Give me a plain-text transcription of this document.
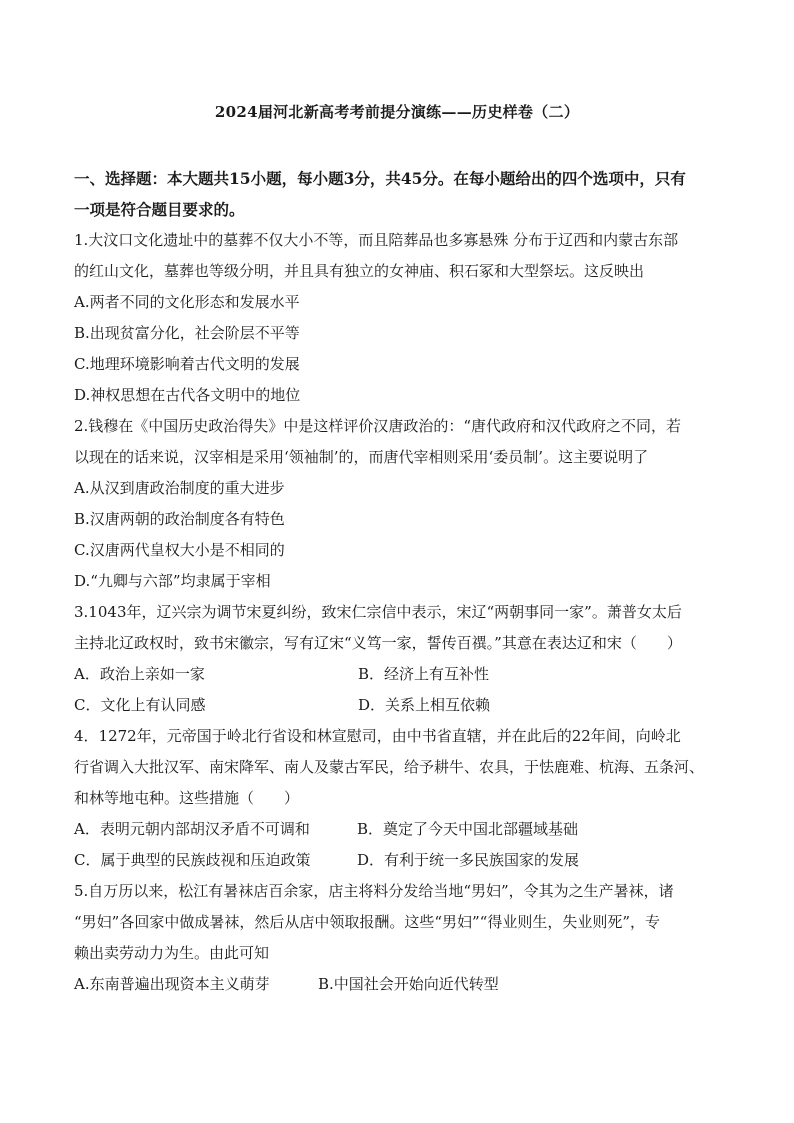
2024届河北新高考考前提分演练——历史样卷（二）
一、选择题：本大题共15小题，每小题3分，共45分。在每小题给出的四个选项中，只有
一项是符合题目要求的。
1.大汶口文化遗址中的墓葬不仅大小不等，而且陪葬品也多寡悬殊 分布于辽西和内蒙古东部
的红山文化，墓葬也等级分明，并且具有独立的女神庙、积石冢和大型祭坛。这反映出
A.两者不同的文化形态和发展水平
B.出现贫富分化，社会阶层不平等
C.地理环境影响着古代文明的发展
D.神权思想在古代各文明中的地位
2.钱穆在《中国历史政治得失》中是这样评价汉唐政治的：“唐代政府和汉代政府之不同，若
以现在的话来说，汉宰相是采用‘领袖制’的，而唐代宰相则采用‘委员制’。这主要说明了
A.从汉到唐政治制度的重大进步
B.汉唐两朝的政治制度各有特色
C.汉唐两代皇权大小是不相同的
D.“九卿与六部”均隶属于宰相
3.1043年，辽兴宗为调节宋夏纠纷，致宋仁宗信中表示，宋辽“两朝事同一家”。萧普女太后
主持北辽政权时，致书宋徽宗，写有辽宋“义笃一家，誓传百禩。”其意在表达辽和宋（　　）
A．政治上亲如一家	B．经济上有互补性
C．文化上有认同感	D．关系上相互依赖
4．1272年，元帝国于岭北行省设和林宣慰司，由中书省直辖，并在此后的22年间，向岭北
行省调入大批汉军、南宋降军、南人及蒙古军民，给予耕牛、农具，于怯鹿难、杭海、五条河、
和林等地屯种。这些措施（　　）
A．表明元朝内部胡汉矛盾不可调和	B．奠定了今天中国北部疆域基础
C．属于典型的民族歧视和压迫政策	D．有利于统一多民族国家的发展
5.自万历以来，松江有暑袜店百余家，店主将料分发给当地“男妇”，令其为之生产暑袜，诸
“男妇”各回家中做成暑袜，然后从店中领取报酬。这些“男妇”“得业则生，失业则死”，专
赖出卖劳动力为生。由此可知
A.东南普遍出现资本主义萌芽	B.中国社会开始向近代转型
